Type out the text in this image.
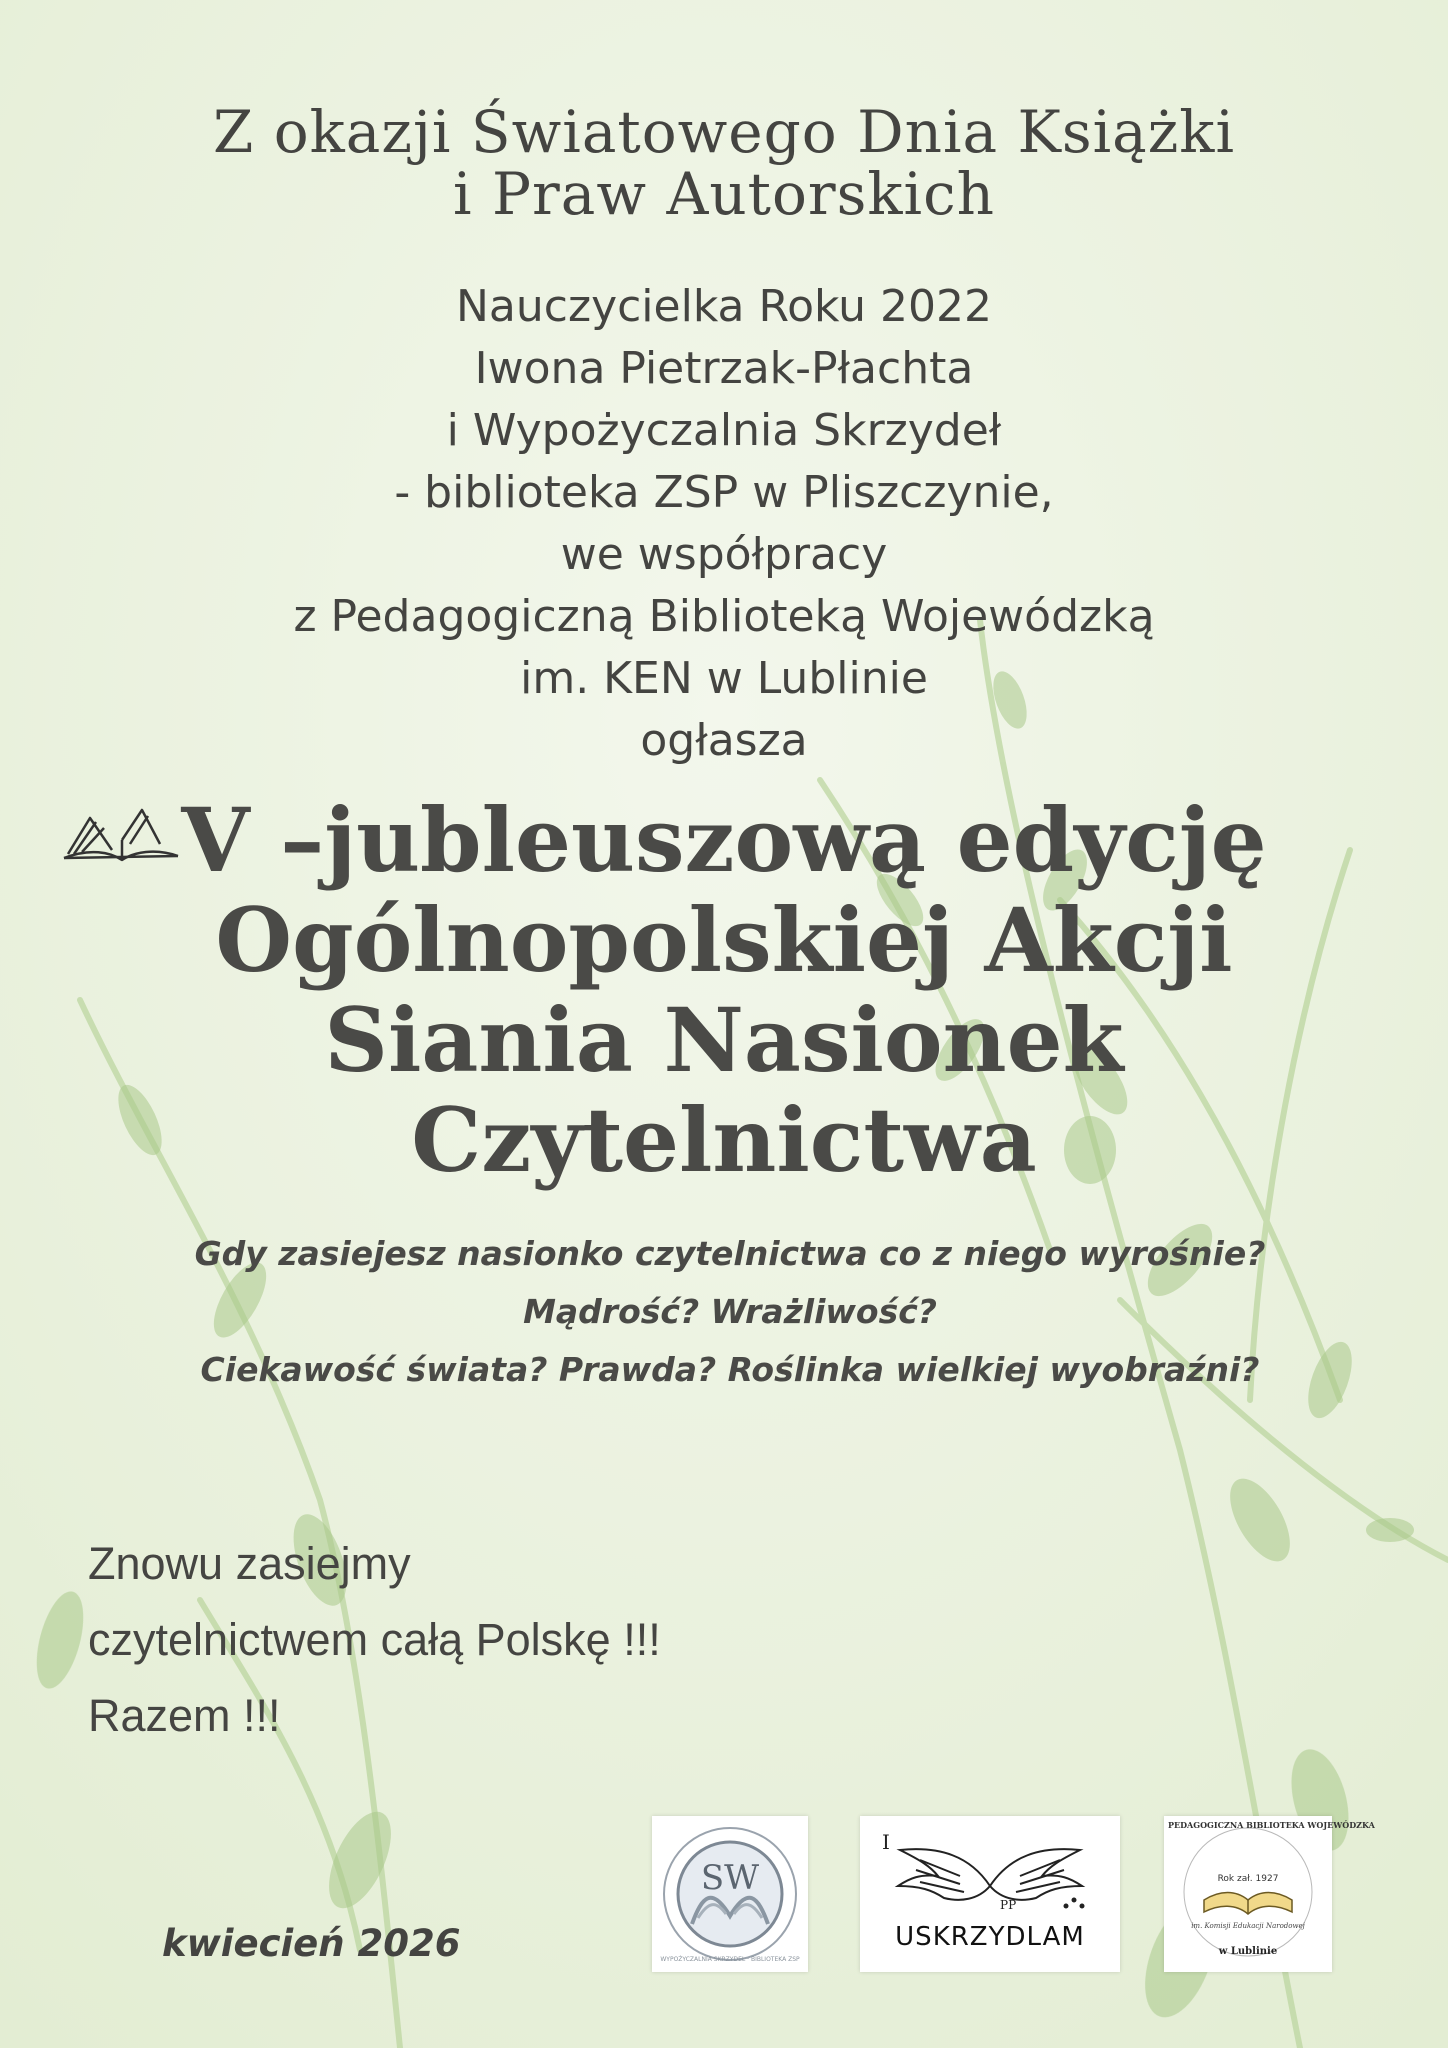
Z okazji Światowego Dnia Książki
i Praw Autorskich
Nauczycielka Roku 2022
Iwona Pietrzak-Płachta
i Wypożyczalnia Skrzydeł
- biblioteka ZSP w Pliszczynie,
we współpracy
z Pedagogiczną Biblioteką Wojewódzką
im. KEN w Lublinie
ogłasza
V –jubleuszową edycję
Ogólnopolskiej Akcji
Siania Nasionek
Czytelnictwa
Gdy zasiejesz nasionko czytelnictwa co z niego wyrośnie?
Mądrość? Wrażliwość?
Ciekawość świata? Prawda? Roślinka wielkiej wyobraźni?
Znowu zasiejmy
czytelnictwem całą Polskę !!!
Razem !!!
kwiecień 2026
SW
WYPOŻYCZALNIA SKRZYDEŁ · BIBLIOTEKA ZSP
I
PP
USKRZYDLAM
PEDAGOGICZNA BIBLIOTEKA WOJEWÓDZKA
Rok zał. 1927
im. Komisji Edukacji Narodowej
w Lublinie
